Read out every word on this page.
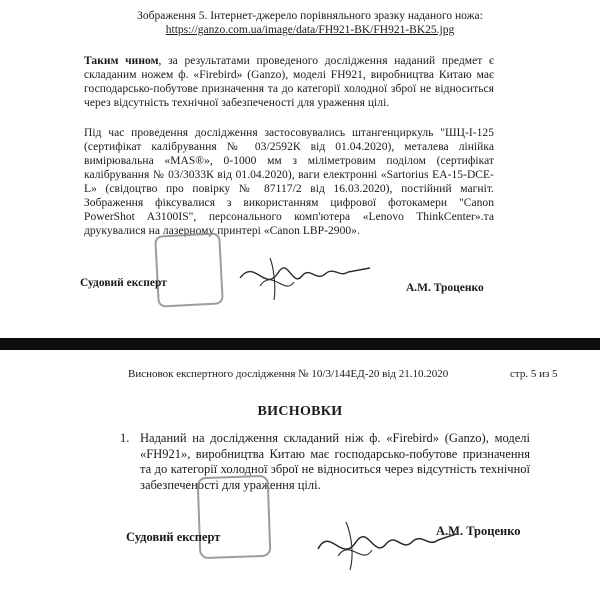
Зображення 5. Інтернет-джерело порівняльного зразку наданого ножа:
https://ganzo.com.ua/image/data/FH921-BK/FH921-BK25.jpg

Таким чином, за результатами проведеного дослідження наданий предмет є складаним ножем ф. «Firebird» (Ganzo), моделі FH921, виробництва Китаю має господарсько-побутове призначення та до категорії холодної зброї не відноситься через відсутність технічної забезпеченості для ураження цілі.

Під час проведення дослідження застосовувались штангенциркуль "ШЦ-І-125 (сертифікат калібрування № 03/2592К від 01.04.2020), металева лінійка вимірювальна «MAS®», 0-1000 мм з міліметровим поділом (сертифікат калібрування № 03/3033К від 01.04.2020), ваги електронні «Sartorius EA-15-DCE-L» (свідоцтво про повірку № 87117/2 від 16.03.2020), постійний магніт. Зображення фіксувалися з використанням цифрової фотокамери "Canon PowerShot A3100IS", персонального комп'ютера «Lenovo ThinkCenter».та друкувалися на лазерному принтері «Canon LBP-2900».

Судовий експерт	А.М. Троценко
Висновок експертного дослідження № 10/3/144ЕД-20 від 21.10.2020	стр. 5 из 5
ВИСНОВКИ
1. Наданий на дослідження складаний ніж ф. «Firebird» (Ganzo), моделі «FH921», виробництва Китаю має господарсько-побутове призначення та до категорії холодної зброї не відноситься через відсутність технічної забезпеченості для ураження цілі.
Судовий експерт	А.М. Троценко
